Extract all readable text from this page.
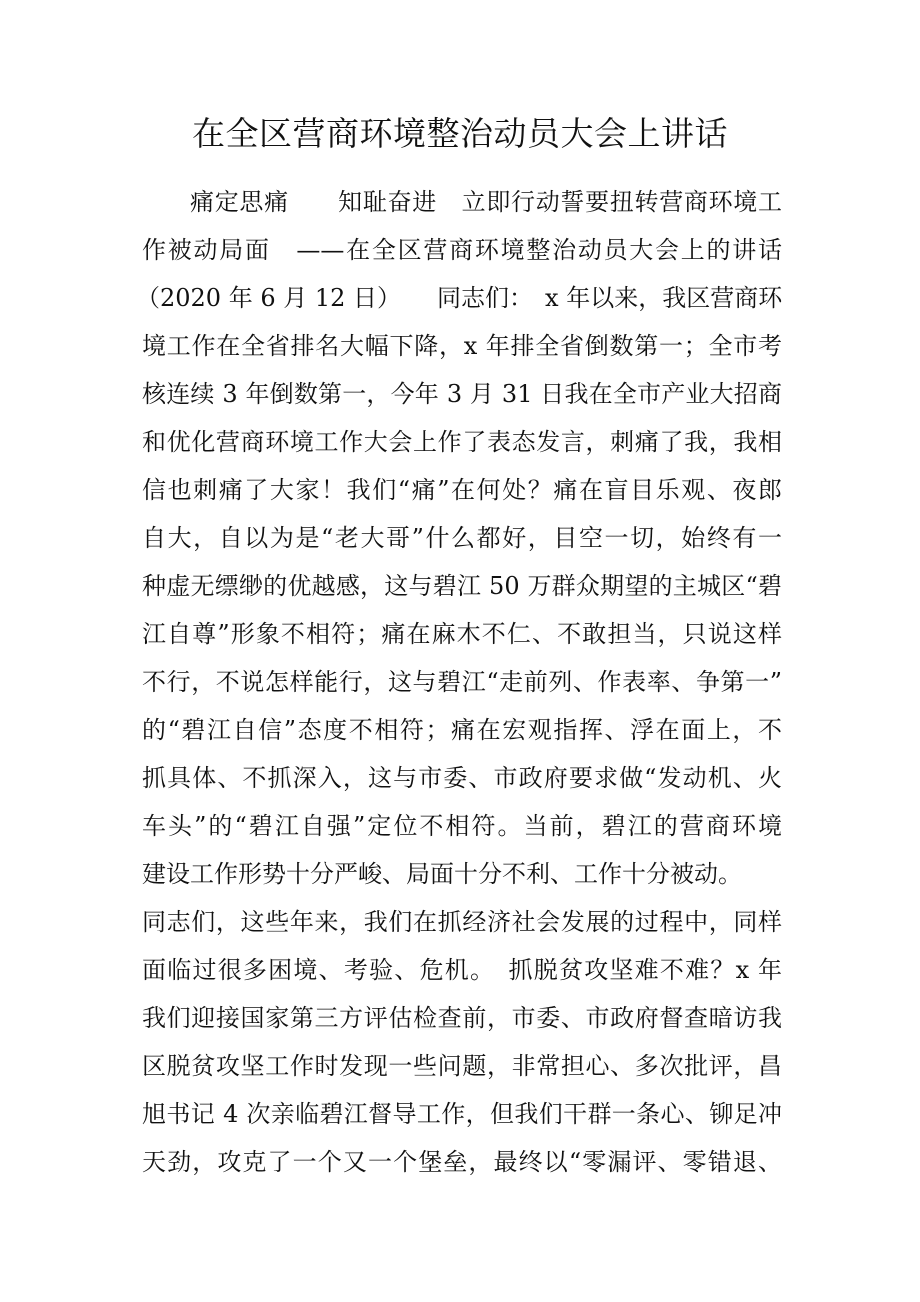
在全区营商环境整治动员大会上讲话

痛定思痛　　知耻奋进　立即行动誓要扭转营商环境工

作被动局面　——在全区营商环境整治动员大会上的讲话

（2020 年 6 月 12 日）　　同志们：　x 年以来，我区营商环

境工作在全省排名大幅下降，x 年排全省倒数第一；全市考

核连续 3 年倒数第一，今年 3 月 31 日我在全市产业大招商

和优化营商环境工作大会上作了表态发言，刺痛了我，我相

信也刺痛了大家！我们“痛”在何处？痛在盲目乐观、夜郎

自大，自以为是“老大哥”什么都好，目空一切，始终有一

种虚无缥缈的优越感，这与碧江 50 万群众期望的主城区“碧

江自尊”形象不相符；痛在麻木不仁、不敢担当，只说这样

不行，不说怎样能行，这与碧江“走前列、作表率、争第一”

的“碧江自信”态度不相符；痛在宏观指挥、浮在面上，不

抓具体、不抓深入，这与市委、市政府要求做“发动机、火

车头”的“碧江自强”定位不相符。当前，碧江的营商环境

建设工作形势十分严峻、局面十分不利、工作十分被动。

同志们，这些年来，我们在抓经济社会发展的过程中，同样

面临过很多困境、考验、危机。　抓脱贫攻坚难不难？x 年

我们迎接国家第三方评估检查前，市委、市政府督查暗访我

区脱贫攻坚工作时发现一些问题，非常担心、多次批评，昌

旭书记 4 次亲临碧江督导工作，但我们干群一条心、铆足冲

天劲，攻克了一个又一个堡垒，最终以“零漏评、零错退、
